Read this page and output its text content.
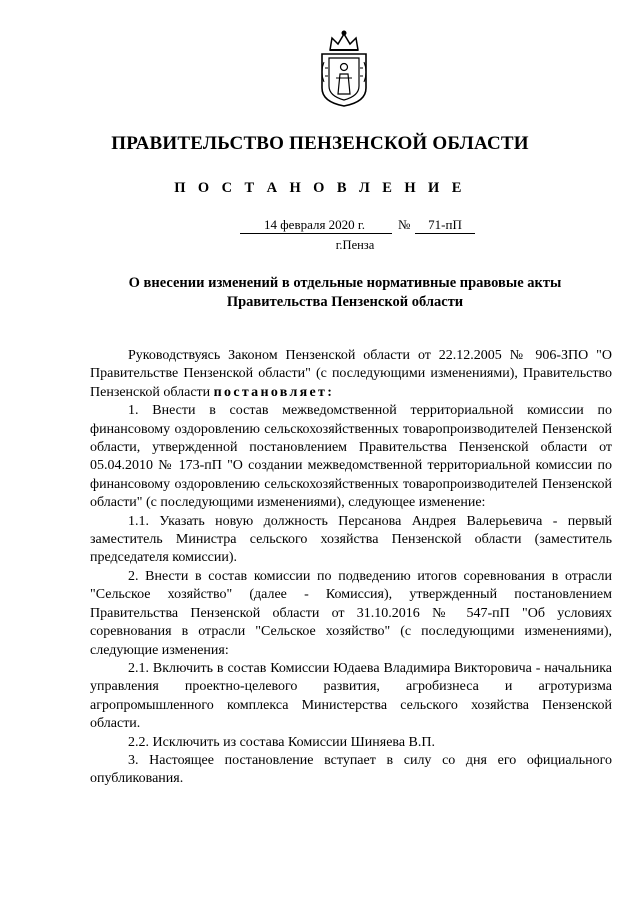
ПРАВИТЕЛЬСТВО ПЕНЗЕНСКОЙ ОБЛАСТИ
П О С Т А Н О В Л Е Н И Е
14 февраля 2020 г.	№	71-пП
г.Пенза
О внесении изменений в отдельные нормативные правовые акты
Правительства Пензенской области

Руководствуясь Законом Пензенской области от 22.12.2005 № 906-ЗПО "О Правительстве Пензенской области" (с последующими изменениями), Правительство Пензенской области постановляет:

1. Внести в состав межведомственной территориальной комиссии по финансовому оздоровлению сельскохозяйственных товаропроизводителей Пензенской области, утвержденной постановлением Правительства Пензенской области от 05.04.2010 № 173-пП "О создании межведомственной территориальной комиссии по финансовому оздоровлению сельскохозяйственных товаропроизводителей Пензенской области" (с последующими изменениями), следующее изменение:

1.1. Указать новую должность Персанова Андрея Валерьевича - первый заместитель Министра сельского хозяйства Пензенской области (заместитель председателя комиссии).

2. Внести в состав комиссии по подведению итогов соревнования в отрасли "Сельское хозяйство" (далее - Комиссия), утвержденный постановлением Правительства Пензенской области от 31.10.2016 № 547-пП "Об условиях соревнования в отрасли "Сельское хозяйство" (с последующими изменениями), следующие изменения:

2.1. Включить в состав Комиссии Юдаева Владимира Викторовича - начальника управления проектно-целевого развития, агробизнеса и агротуризма агропромышленного комплекса Министерства сельского хозяйства Пензенской области.

2.2. Исключить из состава Комиссии Шиняева В.П.

3. Настоящее постановление вступает в силу со дня его официального опубликования.
